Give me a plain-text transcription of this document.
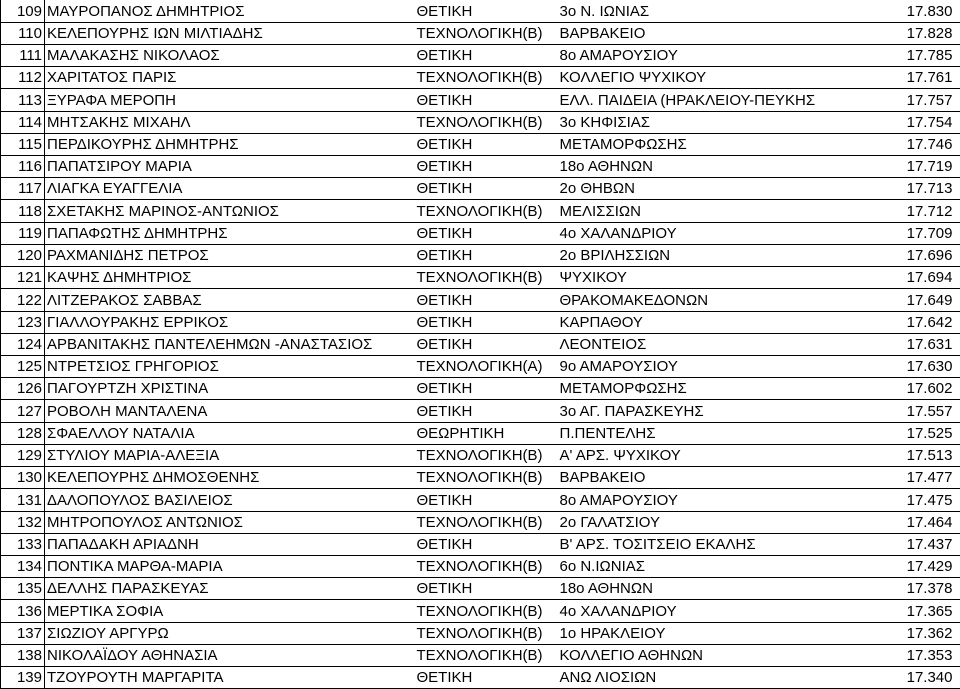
109	ΜΑΥΡΟΠΑΝΟΣ ΔΗΜΗΤΡΙΟΣ	ΘΕΤΙΚΗ	3ο Ν. ΙΩΝΙΑΣ	17.830
110	ΚΕΛΕΠΟΥΡΗΣ ΙΩΝ ΜΙΛΤΙΑΔΗΣ	ΤΕΧΝΟΛΟΓΙΚΗ(Β)	ΒΑΡΒΑΚΕΙΟ	17.828
111	ΜΑΛΑΚΑΣΗΣ ΝΙΚΟΛΑΟΣ	ΘΕΤΙΚΗ	8ο ΑΜΑΡΟΥΣΙΟΥ	17.785
112	ΧΑΡΙΤΑΤΟΣ ΠΑΡΙΣ	ΤΕΧΝΟΛΟΓΙΚΗ(Β)	ΚΟΛΛΕΓΙΟ ΨΥΧΙΚΟΥ	17.761
113	ΞΥΡΑΦΑ ΜΕΡΟΠΗ	ΘΕΤΙΚΗ	ΕΛΛ. ΠΑΙΔΕΙΑ (ΗΡΑΚΛΕΙΟΥ-ΠΕΥΚΗΣ	17.757
114	ΜΗΤΣΑΚΗΣ ΜΙΧΑΗΛ	ΤΕΧΝΟΛΟΓΙΚΗ(Β)	3ο ΚΗΦΙΣΙΑΣ	17.754
115	ΠΕΡΔΙΚΟΥΡΗΣ ΔΗΜΗΤΡΗΣ	ΘΕΤΙΚΗ	ΜΕΤΑΜΟΡΦΩΣΗΣ	17.746
116	ΠΑΠΑΤΣΙΡΟΥ ΜΑΡΙΑ	ΘΕΤΙΚΗ	18ο ΑΘΗΝΩΝ	17.719
117	ΛΙΑΓΚΑ ΕΥΑΓΓΕΛΙΑ	ΘΕΤΙΚΗ	2ο ΘΗΒΩΝ	17.713
118	ΣΧΕΤΑΚΗΣ ΜΑΡΙΝΟΣ-ΑΝΤΩΝΙΟΣ	ΤΕΧΝΟΛΟΓΙΚΗ(Β)	ΜΕΛΙΣΣΙΩΝ	17.712
119	ΠΑΠΑΦΩΤΗΣ ΔΗΜΗΤΡΗΣ	ΘΕΤΙΚΗ	4ο ΧΑΛΑΝΔΡΙΟΥ	17.709
120	ΡΑΧΜΑΝΙΔΗΣ ΠΕΤΡΟΣ	ΘΕΤΙΚΗ	2ο ΒΡΙΛΗΣΣΙΩΝ	17.696
121	ΚΑΨΗΣ ΔΗΜΗΤΡΙΟΣ	ΤΕΧΝΟΛΟΓΙΚΗ(Β)	ΨΥΧΙΚΟΥ	17.694
122	ΛΙΤΖΕΡΑΚΟΣ ΣΑΒΒΑΣ	ΘΕΤΙΚΗ	ΘΡΑΚΟΜΑΚΕΔΟΝΩΝ	17.649
123	ΓΙΑΛΛΟΥΡΑΚΗΣ ΕΡΡΙΚΟΣ	ΘΕΤΙΚΗ	ΚΑΡΠΑΘΟΥ	17.642
124	ΑΡΒΑΝΙΤΑΚΗΣ ΠΑΝΤΕΛΕΗΜΩΝ -ΑΝΑΣΤΑΣΙΟΣ	ΘΕΤΙΚΗ	ΛΕΟΝΤΕΙΟΣ	17.631
125	ΝΤΡΕΤΣΙΟΣ ΓΡΗΓΟΡΙΟΣ	ΤΕΧΝΟΛΟΓΙΚΗ(Α)	9ο ΑΜΑΡΟΥΣΙΟΥ	17.630
126	ΠΑΓΟΥΡΤΖΗ ΧΡΙΣΤΙΝΑ	ΘΕΤΙΚΗ	ΜΕΤΑΜΟΡΦΩΣΗΣ	17.602
127	ΡΟΒΟΛΗ ΜΑΝΤΑΛΕΝΑ	ΘΕΤΙΚΗ	3ο ΑΓ. ΠΑΡΑΣΚΕΥΗΣ	17.557
128	ΣΦΑΕΛΛΟΥ ΝΑΤΑΛΙΑ	ΘΕΩΡΗΤΙΚΗ	Π.ΠΕΝΤΕΛΗΣ	17.525
129	ΣΤΥΛΙΟΥ ΜΑΡΙΑ-ΑΛΕΞΙΑ	ΤΕΧΝΟΛΟΓΙΚΗ(Β)	Α' ΑΡΣ. ΨΥΧΙΚΟΥ	17.513
130	ΚΕΛΕΠΟΥΡΗΣ ΔΗΜΟΣΘΕΝΗΣ	ΤΕΧΝΟΛΟΓΙΚΗ(Β)	ΒΑΡΒΑΚΕΙΟ	17.477
131	ΔΑΛΟΠΟΥΛΟΣ ΒΑΣΙΛΕΙΟΣ	ΘΕΤΙΚΗ	8ο ΑΜΑΡΟΥΣΙΟΥ	17.475
132	ΜΗΤΡΟΠΟΥΛΟΣ ΑΝΤΩΝΙΟΣ	ΤΕΧΝΟΛΟΓΙΚΗ(Β)	2ο ΓΑΛΑΤΣΙΟΥ	17.464
133	ΠΑΠΑΔΑΚΗ ΑΡΙΑΔΝΗ	ΘΕΤΙΚΗ	Β' ΑΡΣ. ΤΟΣΙΤΣΕΙΟ ΕΚΑΛΗΣ	17.437
134	ΠΟΝΤΙΚΑ ΜΑΡΘΑ-ΜΑΡΙΑ	ΤΕΧΝΟΛΟΓΙΚΗ(Β)	6ο Ν.ΙΩΝΙΑΣ	17.429
135	ΔΕΛΛΗΣ ΠΑΡΑΣΚΕΥΑΣ	ΘΕΤΙΚΗ	18ο ΑΘΗΝΩΝ	17.378
136	ΜΕΡΤΙΚΑ ΣΟΦΙΑ	ΤΕΧΝΟΛΟΓΙΚΗ(Β)	4ο ΧΑΛΑΝΔΡΙΟΥ	17.365
137	ΣΙΩΖΙΟΥ ΑΡΓΥΡΩ	ΤΕΧΝΟΛΟΓΙΚΗ(Β)	1ο ΗΡΑΚΛΕΙΟΥ	17.362
138	ΝΙΚΟΛΑΪΔΟΥ ΑΘΗΝΑΣΙΑ	ΤΕΧΝΟΛΟΓΙΚΗ(Β)	ΚΟΛΛΕΓΙΟ ΑΘΗΝΩΝ	17.353
139	ΤΖΟΥΡΟΥΤΗ ΜΑΡΓΑΡΙΤΑ	ΘΕΤΙΚΗ	ΑΝΩ ΛΙΟΣΙΩΝ	17.340
